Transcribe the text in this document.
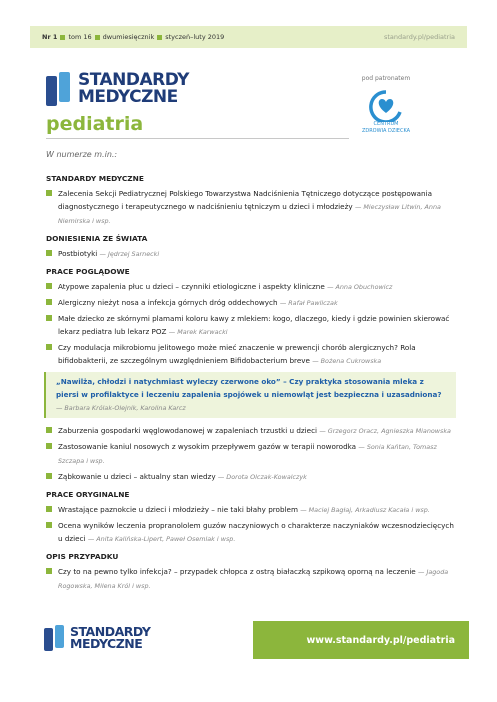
Nr 1 tom 16 dwumiesięcznik styczeń–luty 2019	standardy.pl/pediatria
STANDARDY
MEDYCZNE
pediatria
pod patronatem
CENTRUM
ZDROWIA DZIECKA
W numerze m.in.:
STANDARDY MEDYCZNE
Zalecenia Sekcji Pediatrycznej Polskiego Towarzystwa Nadciśnienia Tętniczego dotyczące postępowania diagnostycznego i terapeutycznego w nadciśnieniu tętniczym u dzieci i młodzieży — Mieczysław Litwin, Anna Niemirska i wsp.
DONIESIENIA ZE ŚWIATA
Postbiotyki — Jędrzej Sarnecki
PRACE POGLĄDOWE
Atypowe zapalenia płuc u dzieci – czynniki etiologiczne i aspekty kliniczne — Anna Obuchowicz
Alergiczny nieżyt nosa a infekcja górnych dróg oddechowych — Rafał Pawliczak
Małe dziecko ze skórnymi plamami koloru kawy z mlekiem: kogo, dlaczego, kiedy i gdzie powinien skierować lekarz pediatra lub lekarz POZ — Marek Karwacki
Czy modulacja mikrobiomu jelitowego może mieć znaczenie w prewencji chorób alergicznych? Rola bifidobakterii, ze szczególnym uwzględnieniem Bifidobacterium breve — Bożena Cukrowska
„Nawilża, chłodzi i natychmiast wyleczy czerwone oko” – Czy praktyka stosowania mleka z piersi w profilaktyce i leczeniu zapalenia spojówek u niemowląt jest bezpieczna i uzasadniona? — Barbara Królak-Olejnik, Karolina Karcz
Zaburzenia gospodarki węglowodanowej w zapaleniach trzustki u dzieci — Grzegorz Oracz, Agnieszka Mianowska
Zastosowanie kaniul nosowych z wysokim przepływem gazów w terapii noworodka — Sonia Kańtan, Tomasz Szczapa i wsp.
Ząbkowanie u dzieci – aktualny stan wiedzy — Dorota Olczak-Kowalczyk
PRACE ORYGINALNE
Wrastające paznokcie u dzieci i młodzieży – nie taki błahy problem — Maciej Bagłaj, Arkadiusz Kacała i wsp.
Ocena wyników leczenia propranololem guzów naczyniowych o charakterze naczyniaków wczesnodziecięcych u dzieci — Anita Kalińska-Lipert, Paweł Osemlak i wsp.
OPIS PRZYPADKU
Czy to na pewno tylko infekcja? – przypadek chłopca z ostrą białaczką szpikową oporną na leczenie — Jagoda Rogowska, Milena Król i wsp.
STANDARDY
MEDYCZNE	www.standardy.pl/pediatria
